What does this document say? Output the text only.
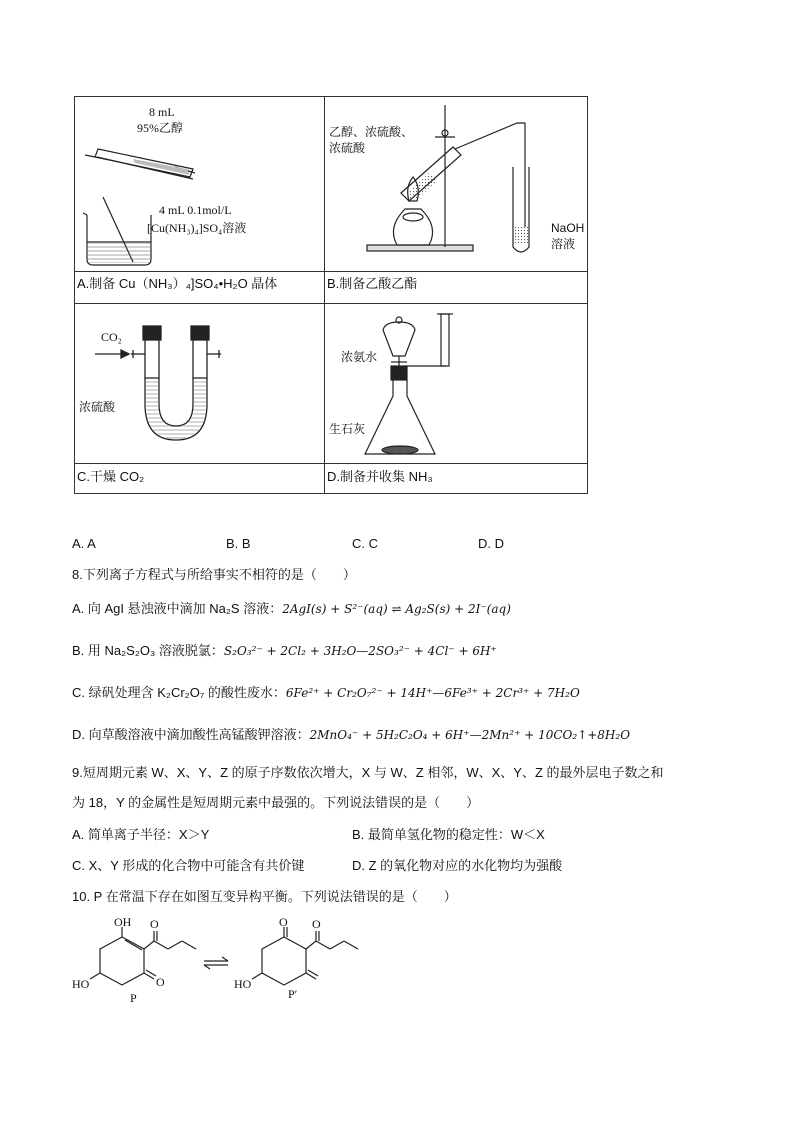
8 mL
95%乙醇
4 mL 0.1mol/L
[Cu(NH₃)₄]SO₄溶液
乙醇、浓硫酸、
浓硫酸
NaOH
溶液
A.制备 Cu（NH₃）₄]SO₄•H₂O 晶体	B.制备乙酸乙酯
CO₂
浓硫酸
浓氨水
生石灰
C.干燥 CO₂	D.制备并收集 NH₃
A. A	B. B	C. C	D. D
8.下列离子方程式与所给事实不相符的是（　　）
A. 向 AgI 悬浊液中滴加 Na₂S 溶液：2AgI(s) + S²⁻(aq) ⇌ Ag₂S(s) + 2I⁻(aq)
B. 用 Na₂S₂O₃ 溶液脱氯：S₂O₃²⁻ + 2Cl₂ + 3H₂O—2SO₃²⁻ + 4Cl⁻ + 6H⁺
C. 绿矾处理含 K₂Cr₂O₇ 的酸性废水：6Fe²⁺ + Cr₂O₇²⁻ + 14H⁺—6Fe³⁺ + 2Cr³⁺ + 7H₂O
D. 向草酸溶液中滴加酸性高锰酸钾溶液：2MnO₄⁻ + 5H₂C₂O₄ + 6H⁺—2Mn²⁺ + 10CO₂↑+8H₂O
9.短周期元素 W、X、Y、Z 的原子序数依次增大，X 与 W、Z 相邻，W、X、Y、Z 的最外层电子数之和
为 18，Y 的金属性是短周期元素中最强的。下列说法错误的是（　　）
A. 简单离子半径：X＞Y	B. 最简单氢化物的稳定性：W＜X
C. X、Y 形成的化合物中可能含有共价键	D. Z 的氧化物对应的水化物均为强酸
10. P 在常温下存在如图互变异构平衡。下列说法错误的是（　　）
OH O
O
HO
P
O O
HO
P′
